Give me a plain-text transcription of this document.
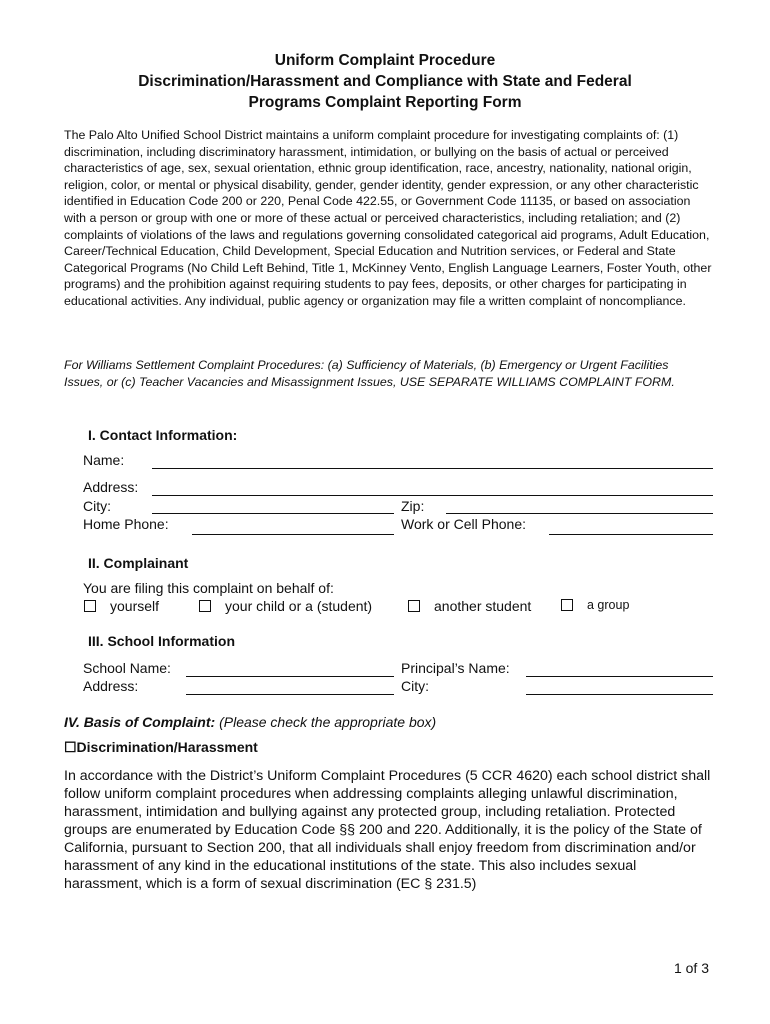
Uniform Complaint Procedure
Discrimination/Harassment and Compliance with State and Federal
Programs Complaint Reporting Form
The Palo Alto Unified School District maintains a uniform complaint procedure for investigating complaints of: (1) discrimination, including discriminatory harassment, intimidation, or bullying on the basis of actual or perceived characteristics of age, sex, sexual orientation, ethnic group identification, race, ancestry, nationality, national origin, religion, color, or mental or physical disability, gender, gender identity, gender expression, or any other characteristic identified in Education Code 200 or 220, Penal Code 422.55, or Government Code 11135, or based on association with a person or group with one or more of these actual or perceived characteristics, including retaliation; and (2) complaints of violations of the laws and regulations governing consolidated categorical aid programs, Adult Education, Career/Technical Education, Child Development, Special Education and Nutrition services, or Federal and State Categorical Programs (No Child Left Behind, Title 1, McKinney Vento, English Language Learners, Foster Youth, other programs) and the prohibition against requiring students to pay fees, deposits, or other charges for participating in educational activities. Any individual, public agency or organization may file a written complaint of noncompliance.
For Williams Settlement Complaint Procedures: (a) Sufficiency of Materials, (b) Emergency or Urgent Facilities Issues, or (c) Teacher Vacancies and Misassignment Issues, USE SEPARATE WILLIAMS COMPLAINT FORM.
I. Contact Information:
Name:
Address:
City:	Zip:
Home Phone:	Work or Cell Phone:
II. Complainant
You are filing this complaint on behalf of:
yourself	your child or a (student)	another student	a group
III. School Information
School Name:	Principal’s Name:
Address:	City:
IV. Basis of Complaint: (Please check the appropriate box)
☐Discrimination/Harassment
In accordance with the District’s Uniform Complaint Procedures (5 CCR 4620) each school district shall follow uniform complaint procedures when addressing complaints alleging unlawful discrimination, harassment, intimidation and bullying against any protected group, including retaliation. Protected groups are enumerated by Education Code §§ 200 and 220. Additionally, it is the policy of the State of California, pursuant to Section 200, that all individuals shall enjoy freedom from discrimination and/or harassment of any kind in the educational institutions of the state. This also includes sexual harassment, which is a form of sexual discrimination (EC § 231.5)
1 of 3
